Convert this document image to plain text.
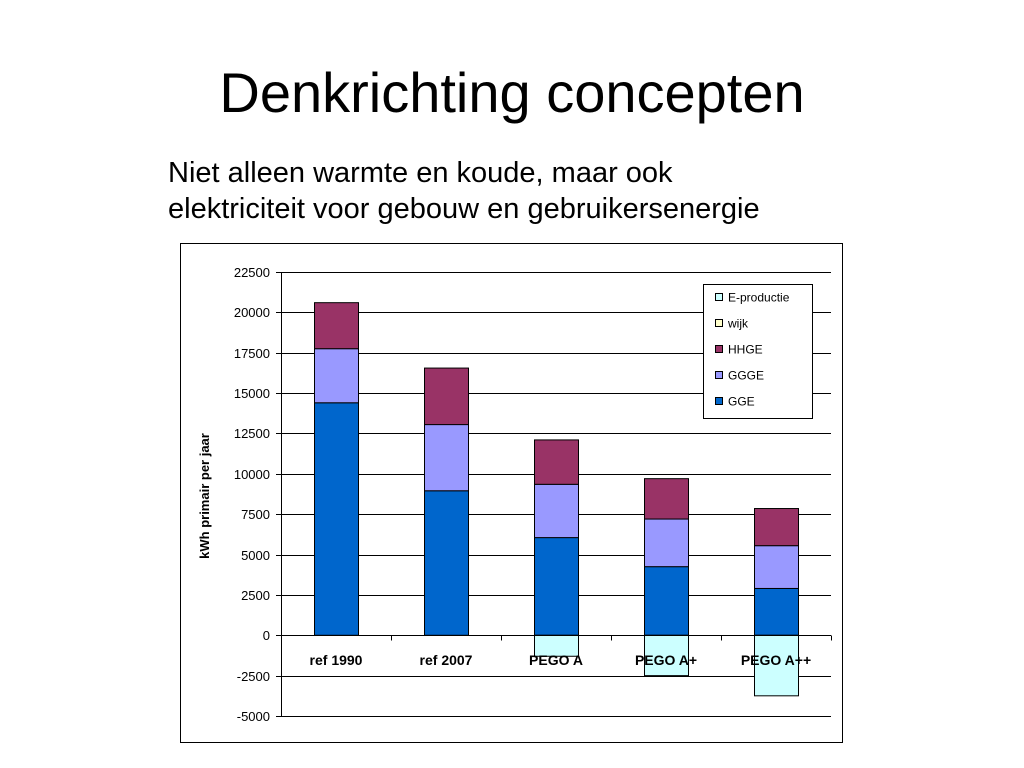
Denkrichting concepten
Niet alleen warmte en koude, maar ook
elektriciteit voor gebouw en gebruikersenergie
22500
20000
17500
15000
12500
10000
7500
5000
2500
0
-2500
-5000
ref 1990	ref 2007	PEGO A	PEGO A+	PEGO A++
kWh primair per jaar
E-productie
wijk
HHGE
GGGE
GGE
